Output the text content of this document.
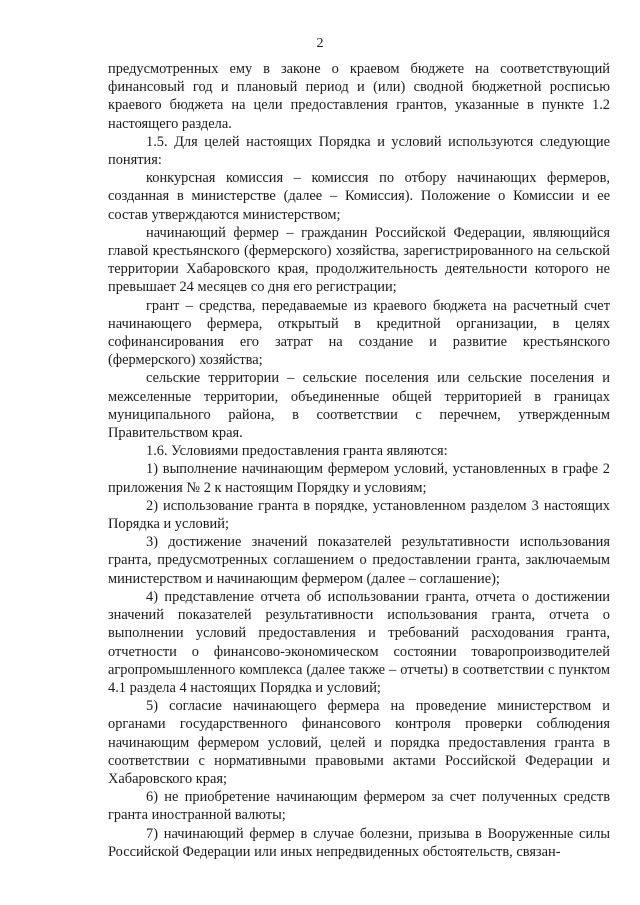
2

предусмотренных ему в законе о краевом бюджете на соответствующий финансовый год и плановый период и (или) сводной бюджетной росписью краевого бюджета на цели предоставления грантов, указанные в пункте 1.2 настоящего раздела.

1.5. Для целей настоящих Порядка и условий используются следующие понятия:

конкурсная комиссия – комиссия по отбору начинающих фермеров, созданная в министерстве (далее – Комиссия). Положение о Комиссии и ее состав утверждаются министерством;

начинающий фермер – гражданин Российской Федерации, являющийся главой крестьянского (фермерского) хозяйства, зарегистрированного на сельской территории Хабаровского края, продолжительность деятельности которого не превышает 24 месяцев со дня его регистрации;

грант – средства, передаваемые из краевого бюджета на расчетный счет начинающего фермера, открытый в кредитной организации, в целях софинансирования его затрат на создание и развитие крестьянского (фермерского) хозяйства;

сельские территории – сельские поселения или сельские поселения и межселенные территории, объединенные общей территорией в границах муниципального района, в соответствии с перечнем, утвержденным Правительством края.

1.6. Условиями предоставления гранта являются:

1) выполнение начинающим фермером условий, установленных в графе 2 приложения № 2 к настоящим Порядку и условиям;

2) использование гранта в порядке, установленном разделом 3 настоящих Порядка и условий;

3) достижение значений показателей результативности использования гранта, предусмотренных соглашением о предоставлении гранта, заключаемым министерством и начинающим фермером (далее – соглашение);

4) представление отчета об использовании гранта, отчета о достижении значений показателей результативности использования гранта, отчета о выполнении условий предоставления и требований расходования гранта, отчетности о финансово-экономическом состоянии товаропроизводителей агропромышленного комплекса (далее также – отчеты) в соответствии с пунктом 4.1 раздела 4 настоящих Порядка и условий;

5) согласие начинающего фермера на проведение министерством и органами государственного финансового контроля проверки соблюдения начинающим фермером условий, целей и порядка предоставления гранта в соответствии с нормативными правовыми актами Российской Федерации и Хабаровского края;

6) не приобретение начинающим фермером за счет полученных средств гранта иностранной валюты;

7) начинающий фермер в случае болезни, призыва в Вооруженные силы Российской Федерации или иных непредвиденных обстоятельств, связан-
